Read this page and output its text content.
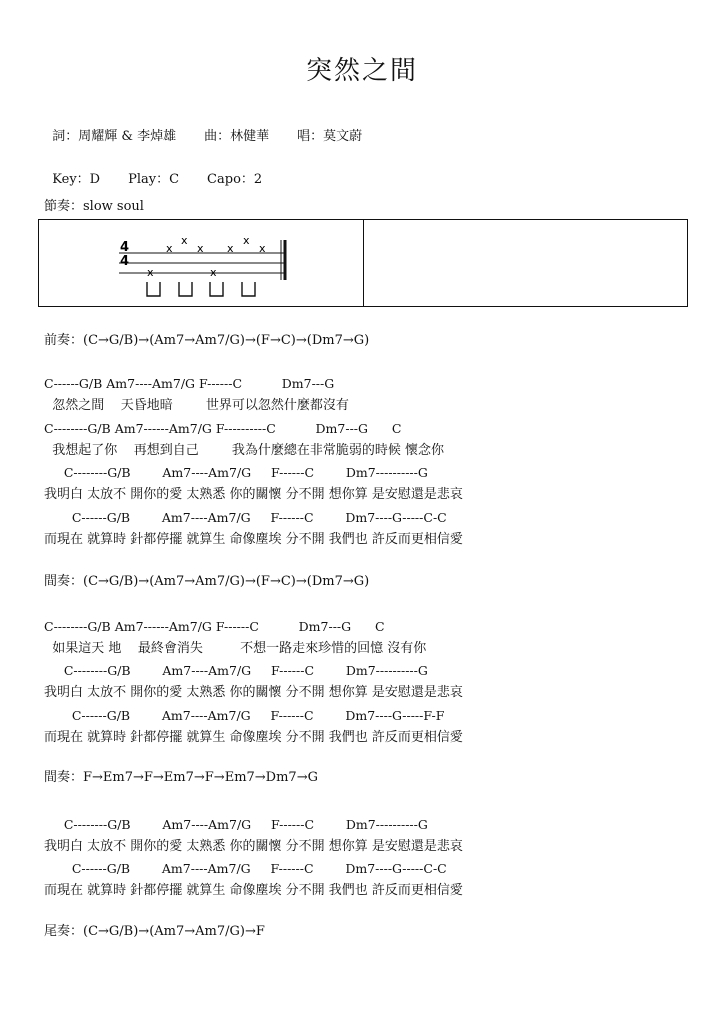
突然之間

詞：周耀輝 & 李焯雄 曲：林健華 唱：莫文蔚

Key：D Play：C Capo：2

節奏：slow soul
4
4
x
x
x x
x
x
x	x
前奏：(C→G/B)→(Am7→Am7/G)→(F→C)→(Dm7→G)
C------G/B Am7----Am7/G F------C          Dm7---G
忽然之間    天昏地暗        世界可以忽然什麼都沒有
C--------G/B Am7------Am7/G F----------C          Dm7---G      C
我想起了你    再想到自己        我為什麼總在非常脆弱的時候 懷念你
C--------G/B        Am7----Am7/G     F------C        Dm7----------G
我明白 太放不 開你的愛 太熟悉 你的關懷 分不開 想你算 是安慰還是悲哀
C------G/B        Am7----Am7/G     F------C        Dm7----G-----C-C
而現在 就算時 針都停擺 就算生 命像塵埃 分不開 我們也 許反而更相信愛
間奏：(C→G/B)→(Am7→Am7/G)→(F→C)→(Dm7→G)
C--------G/B Am7------Am7/G F------C          Dm7---G      C
如果這天 地    最終會消失         不想一路走來珍惜的回憶 沒有你
C--------G/B        Am7----Am7/G     F------C        Dm7----------G
我明白 太放不 開你的愛 太熟悉 你的關懷 分不開 想你算 是安慰還是悲哀
C------G/B        Am7----Am7/G     F------C        Dm7----G-----F-F
而現在 就算時 針都停擺 就算生 命像塵埃 分不開 我們也 許反而更相信愛
間奏：F→Em7→F→Em7→F→Em7→Dm7→G
C--------G/B        Am7----Am7/G     F------C        Dm7----------G
我明白 太放不 開你的愛 太熟悉 你的關懷 分不開 想你算 是安慰還是悲哀
C------G/B        Am7----Am7/G     F------C        Dm7----G-----C-C
而現在 就算時 針都停擺 就算生 命像塵埃 分不開 我們也 許反而更相信愛
尾奏：(C→G/B)→(Am7→Am7/G)→F
